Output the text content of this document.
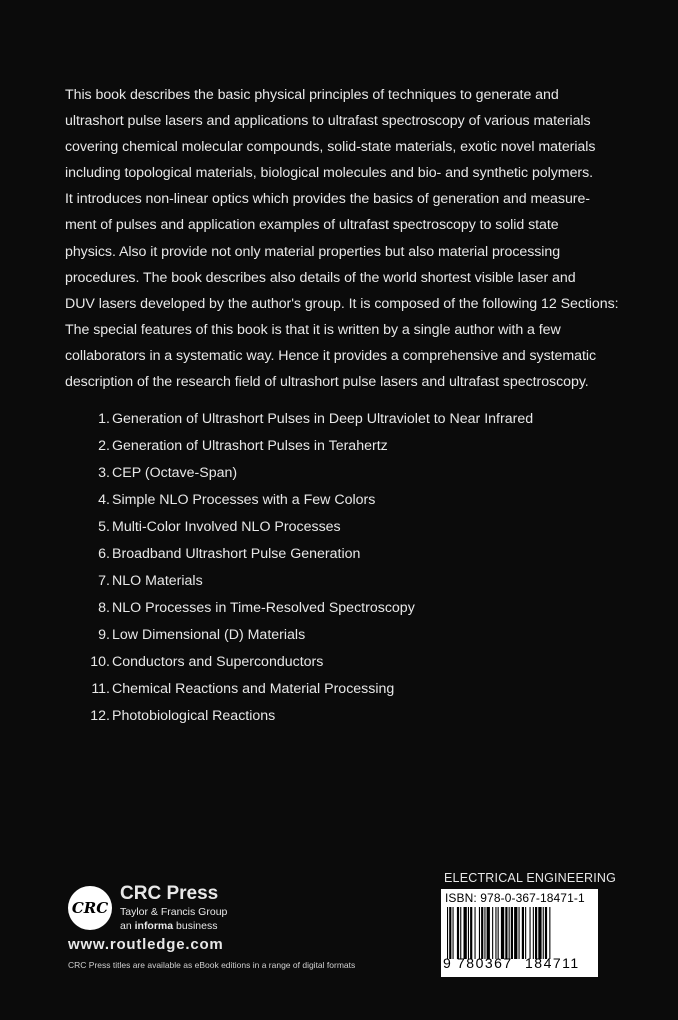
This book describes the basic physical principles of techniques to generate and
ultrashort pulse lasers and applications to ultrafast spectroscopy of various materials
covering chemical molecular compounds, solid-state materials, exotic novel materials
including topological materials, biological molecules and bio- and synthetic polymers.
It introduces non-linear optics which provides the basics of generation and measure-
ment of pulses and application examples of ultrafast spectroscopy to solid state
physics. Also it provide not only material properties but also material processing
procedures. The book describes also details of the world shortest visible laser and
DUV lasers developed by the author's group. It is composed of the following 12 Sections:
The special features of this book is that it is written by a single author with a few
collaborators in a systematic way. Hence it provides a comprehensive and systematic
description of the research field of ultrashort pulse lasers and ultrafast spectroscopy.
1. Generation of Ultrashort Pulses in Deep Ultraviolet to Near Infrared
2. Generation of Ultrashort Pulses in Terahertz
3. CEP (Octave-Span)
4. Simple NLO Processes with a Few Colors
5. Multi-Color Involved NLO Processes
6. Broadband Ultrashort Pulse Generation
7. NLO Materials
8. NLO Processes in Time-Resolved Spectroscopy
9. Low Dimensional (D) Materials
10. Conductors and Superconductors
11. Chemical Reactions and Material Processing
12. Photobiological Reactions
CRC
CRC Press
Taylor & Francis Group
an informa business
www.routledge.com
CRC Press titles are available as eBook editions in a range of digital formats
ELECTRICAL ENGINEERING
ISBN: 978-0-367-18471-1
9 780367 184711
